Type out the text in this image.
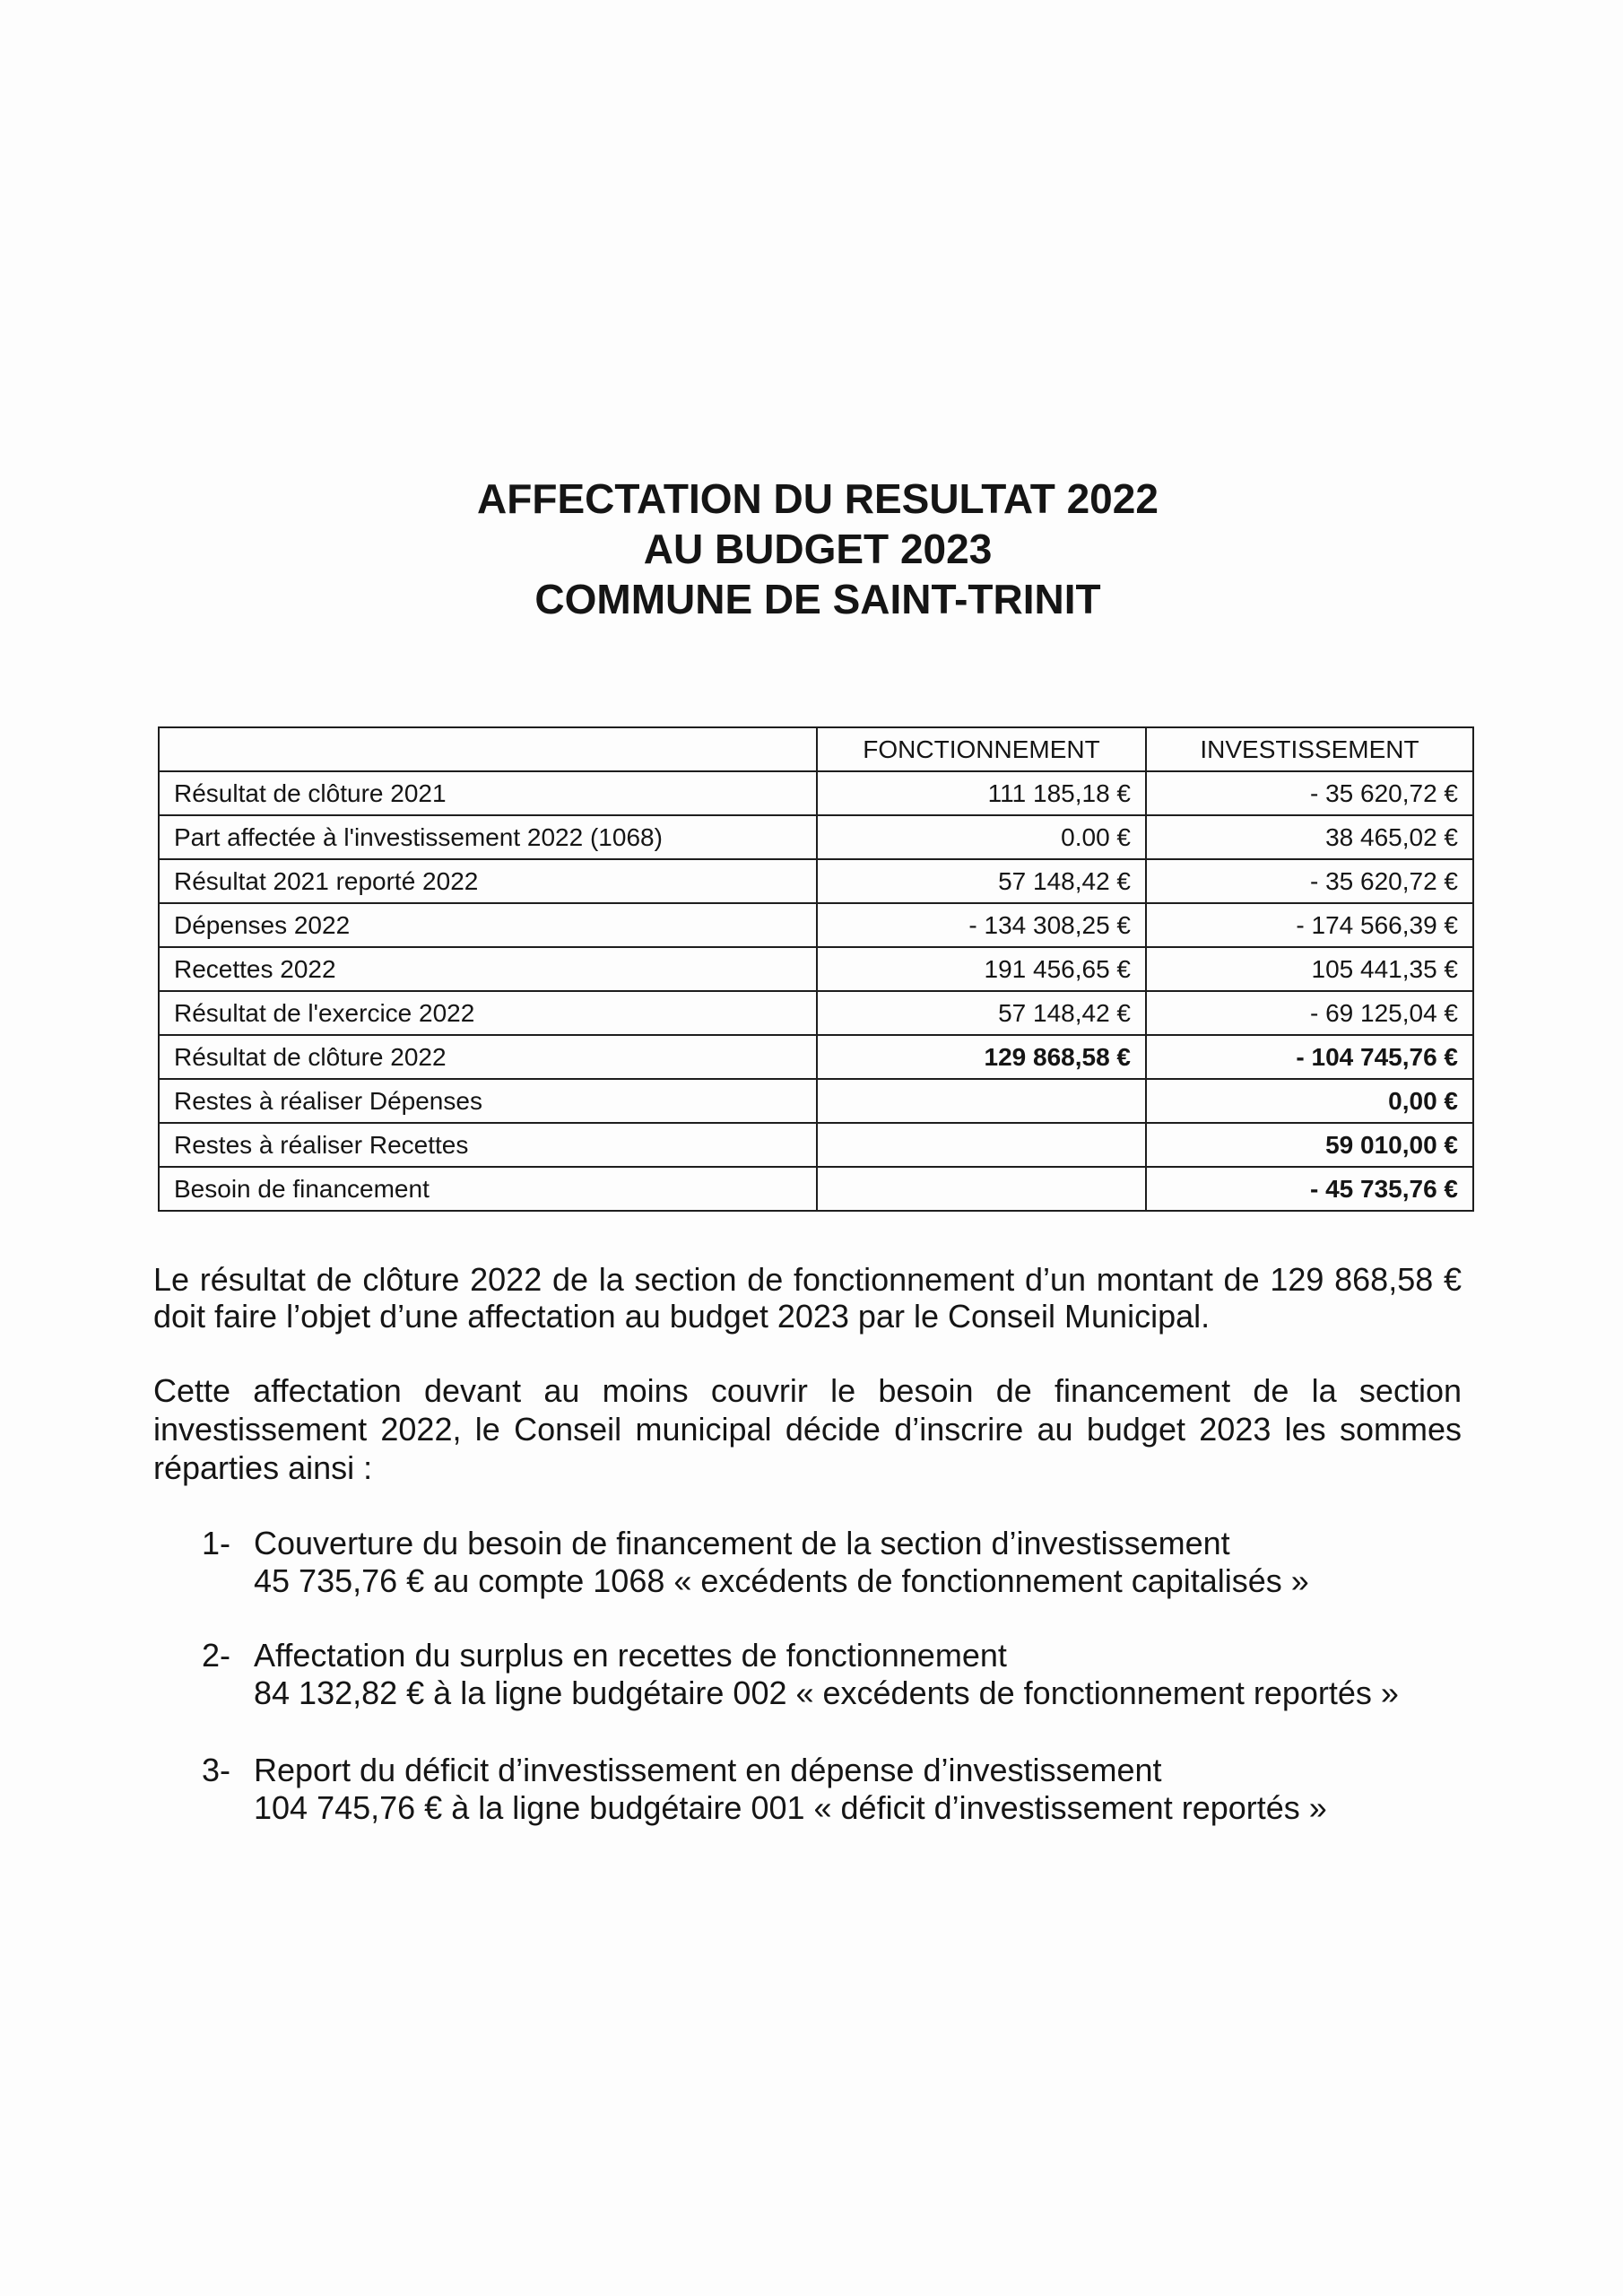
AFFECTATION DU RESULTAT 2022
AU BUDGET 2023
COMMUNE DE SAINT-TRINIT
	FONCTIONNEMENT	INVESTISSEMENT
Résultat de clôture 2021	111 185,18 €	- 35 620,72 €
Part affectée à l'investissement 2022 (1068)	0.00 €	38 465,02 €
Résultat 2021 reporté 2022	57 148,42 €	- 35 620,72 €
Dépenses 2022	- 134 308,25 €	- 174 566,39 €
Recettes 2022	191 456,65 €	105 441,35 €
Résultat de l'exercice 2022	57 148,42 €	- 69 125,04 €
Résultat de clôture 2022	129 868,58 €	- 104 745,76 €
Restes à réaliser Dépenses		0,00 €
Restes à réaliser Recettes		59 010,00 €
Besoin de financement		- 45 735,76 €
Le résultat de clôture 2022 de la section de fonctionnement d’un montant de 129 868,58 €
doit faire l’objet d’une affectation au budget 2023 par le Conseil Municipal.
Cette affectation devant au moins couvrir le besoin de financement de la section
investissement 2022, le Conseil municipal décide d’inscrire au budget 2023 les sommes
réparties ainsi :
1- Couverture du besoin de financement de la section d’investissement
45 735,76 € au compte 1068 « excédents de fonctionnement capitalisés »
2- Affectation du surplus en recettes de fonctionnement
84 132,82 € à la ligne budgétaire 002 « excédents de fonctionnement reportés »
3- Report du déficit d’investissement en dépense d’investissement
104 745,76 € à la ligne budgétaire 001 « déficit d’investissement reportés »
